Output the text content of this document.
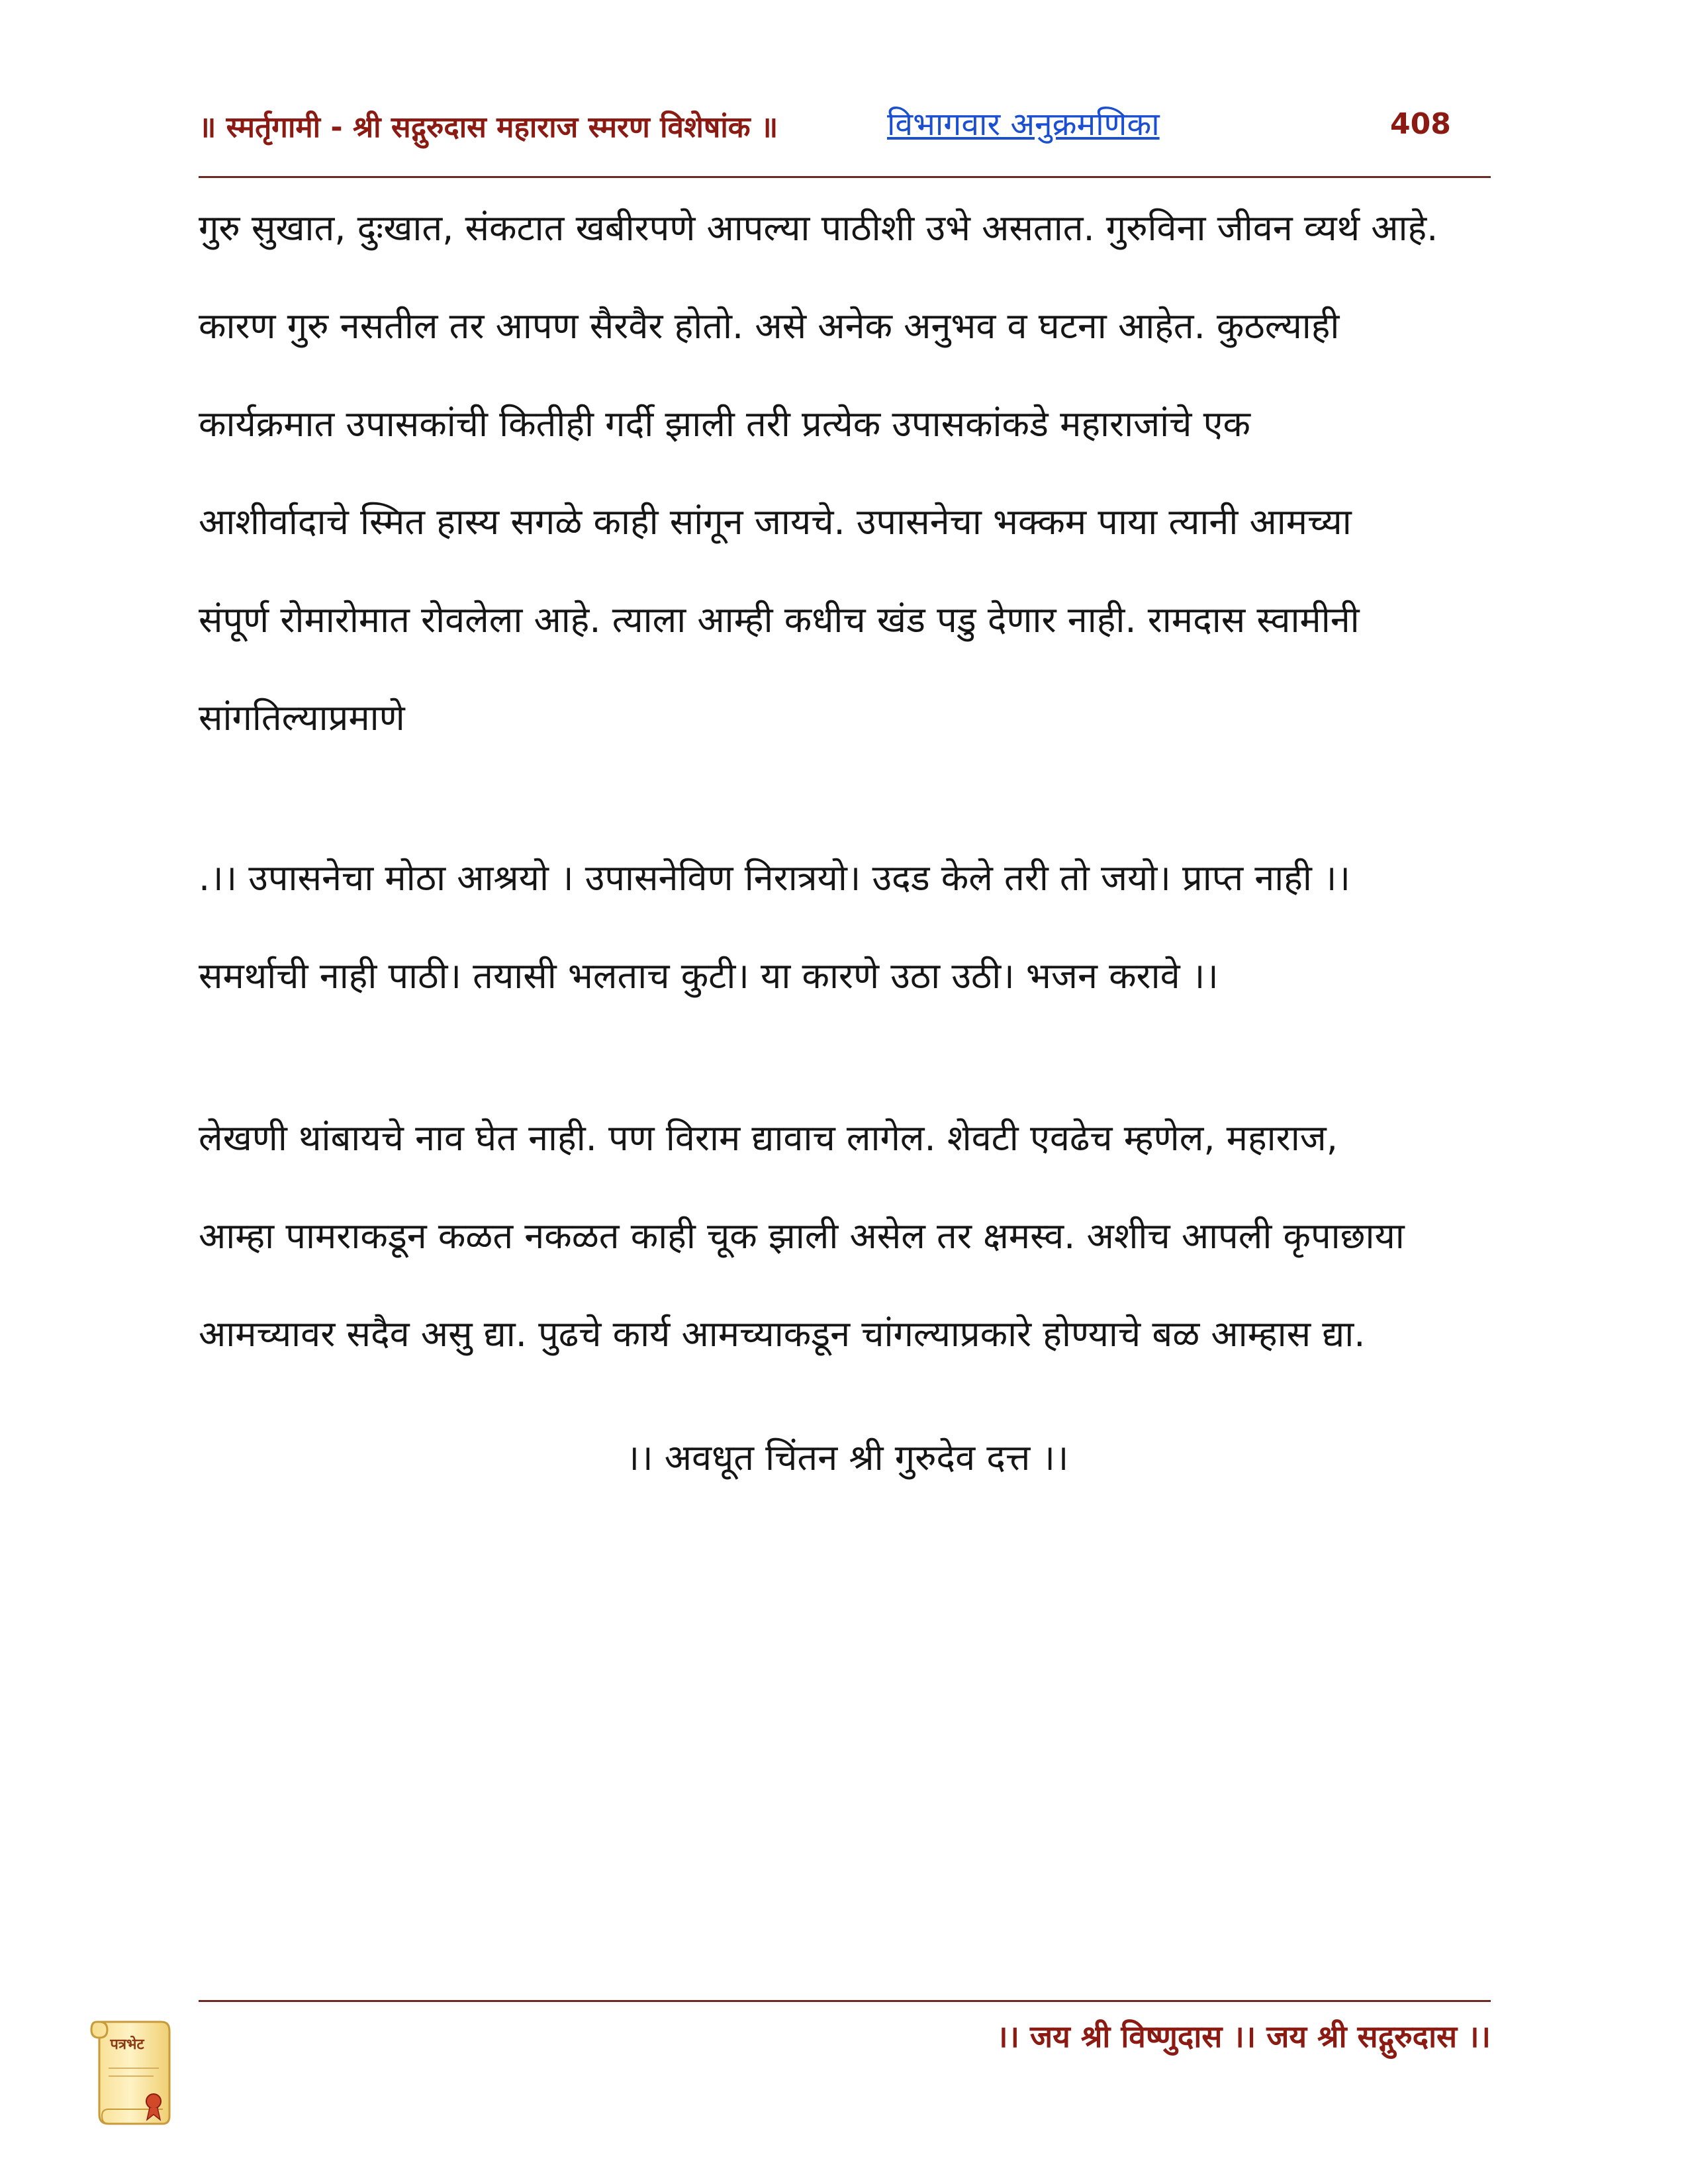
॥ स्मर्तृगामी - श्री सद्गुरुदास महाराज स्मरण विशेषांक ॥	विभागवार अनुक्रमणिका	408
गुरु सुखात, दुःखात, संकटात खबीरपणे आपल्या पाठीशी उभे असतात. गुरुविना जीवन व्यर्थ आहे.
कारण गुरु नसतील तर आपण सैरवैर होतो. असे अनेक अनुभव व घटना आहेत. कुठल्याही
कार्यक्रमात उपासकांची कितीही गर्दी झाली तरी प्रत्येक उपासकांकडे महाराजांचे एक
आशीर्वादाचे स्मित हास्य सगळे काही सांगून जायचे. उपासनेचा भक्कम पाया त्यानी आमच्या
संपूर्ण रोमारोमात रोवलेला आहे. त्याला आम्ही कधीच खंड पडु देणार नाही. रामदास स्वामीनी
सांगतिल्याप्रमाणे
.।। उपासनेचा मोठा आश्रयो । उपासनेविण निरात्रयो। उदड केले तरी तो जयो। प्राप्त नाही ।।
समर्थाची नाही पाठी। तयासी भलताच कुटी। या कारणे उठा उठी। भजन करावे ।।
लेखणी थांबायचे नाव घेत नाही. पण विराम द्यावाच लागेल. शेवटी एवढेच म्हणेल, महाराज,
आम्हा पामराकडून कळत नकळत काही चूक झाली असेल तर क्षमस्व. अशीच आपली कृपाछाया
आमच्यावर सदैव असु द्या. पुढचे कार्य आमच्याकडून चांगल्याप्रकारे होण्याचे बळ आम्हास द्या.
।। अवधूत चिंतन श्री गुरुदेव दत्त ।।
।। जय श्री विष्णुदास ।। जय श्री सद्गुरुदास ।।
पत्रभेट
